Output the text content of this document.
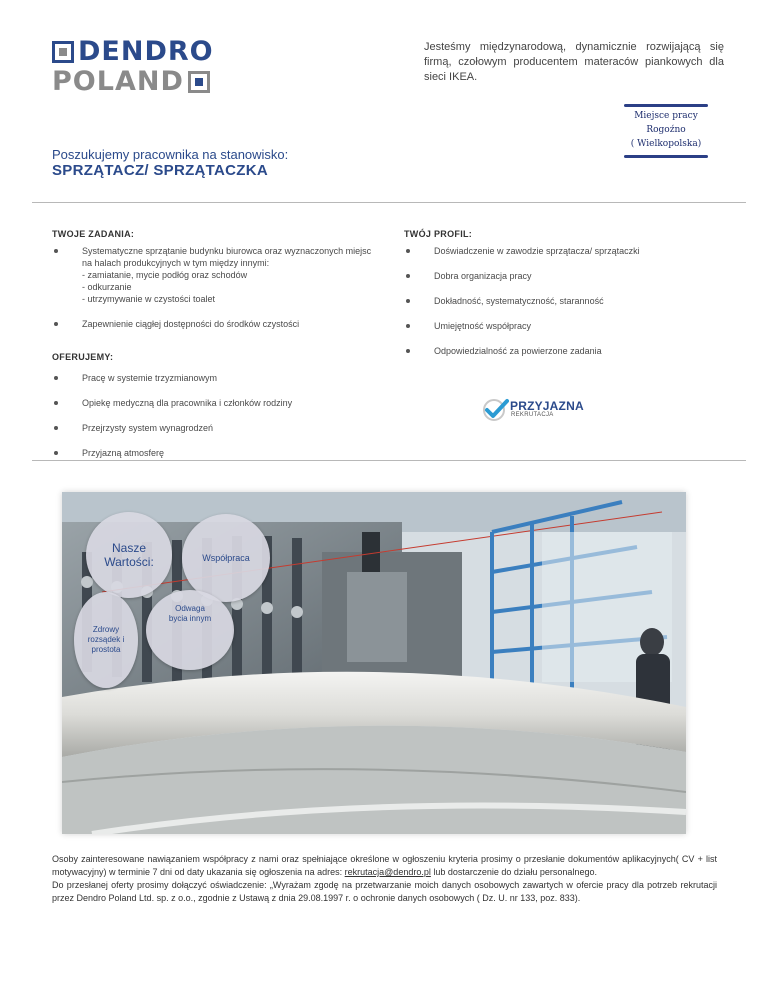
DENDRO
POLAND
Jesteśmy międzynarodową, dynamicznie rozwijającą się firmą, czołowym producentem materaców piankowych dla sieci IKEA.
Miejsce pracy
Rogoźno
( Wielkopolska)
Poszukujemy pracownika na stanowisko:
SPRZĄTACZ/ SPRZĄTACZKA
TWOJE ZADANIA:
Systematyczne sprzątanie budynku biurowca oraz wyznaczonych miejsc na halach produkcyjnych w tym między innymi:
- zamiatanie, mycie podłóg oraz schodów
- odkurzanie
- utrzymywanie w czystości toalet
Zapewnienie ciągłej dostępności do środków czystości
TWÓJ PROFIL:
Doświadczenie w zawodzie sprzątacza/ sprzątaczki
Dobra organizacja pracy
Dokładność, systematyczność, staranność
Umiejętność współpracy
Odpowiedzialność za powierzone zadania
OFERUJEMY:
Pracę w systemie trzyzmianowym
Opiekę medyczną dla pracownika i członków rodziny
Przejrzysty system wynagrodzeń
Przyjazną atmosferę
PRZYJAZNA
REKRUTACJA
Nasze
Wartości:	Współpraca
Zdrowy
rozsądek i
prostota
Odwaga
bycia innym

Osoby zainteresowane nawiązaniem współpracy z nami oraz spełniające określone w ogłoszeniu kryteria prosimy o przesłanie dokumentów aplikacyjnych( CV + list motywacyjny) w terminie 7 dni od daty ukazania się ogłoszenia na adres: rekrutacja@dendro.pl lub dostarczenie do działu personalnego.

Do przesłanej oferty prosimy dołączyć oświadczenie: „Wyrażam zgodę na przetwarzanie moich danych osobowych zawartych w ofercie pracy dla potrzeb rekrutacji przez Dendro Poland Ltd. sp. z o.o., zgodnie z Ustawą z dnia 29.08.1997 r. o ochronie danych osobowych ( Dz. U. nr 133, poz. 833).
